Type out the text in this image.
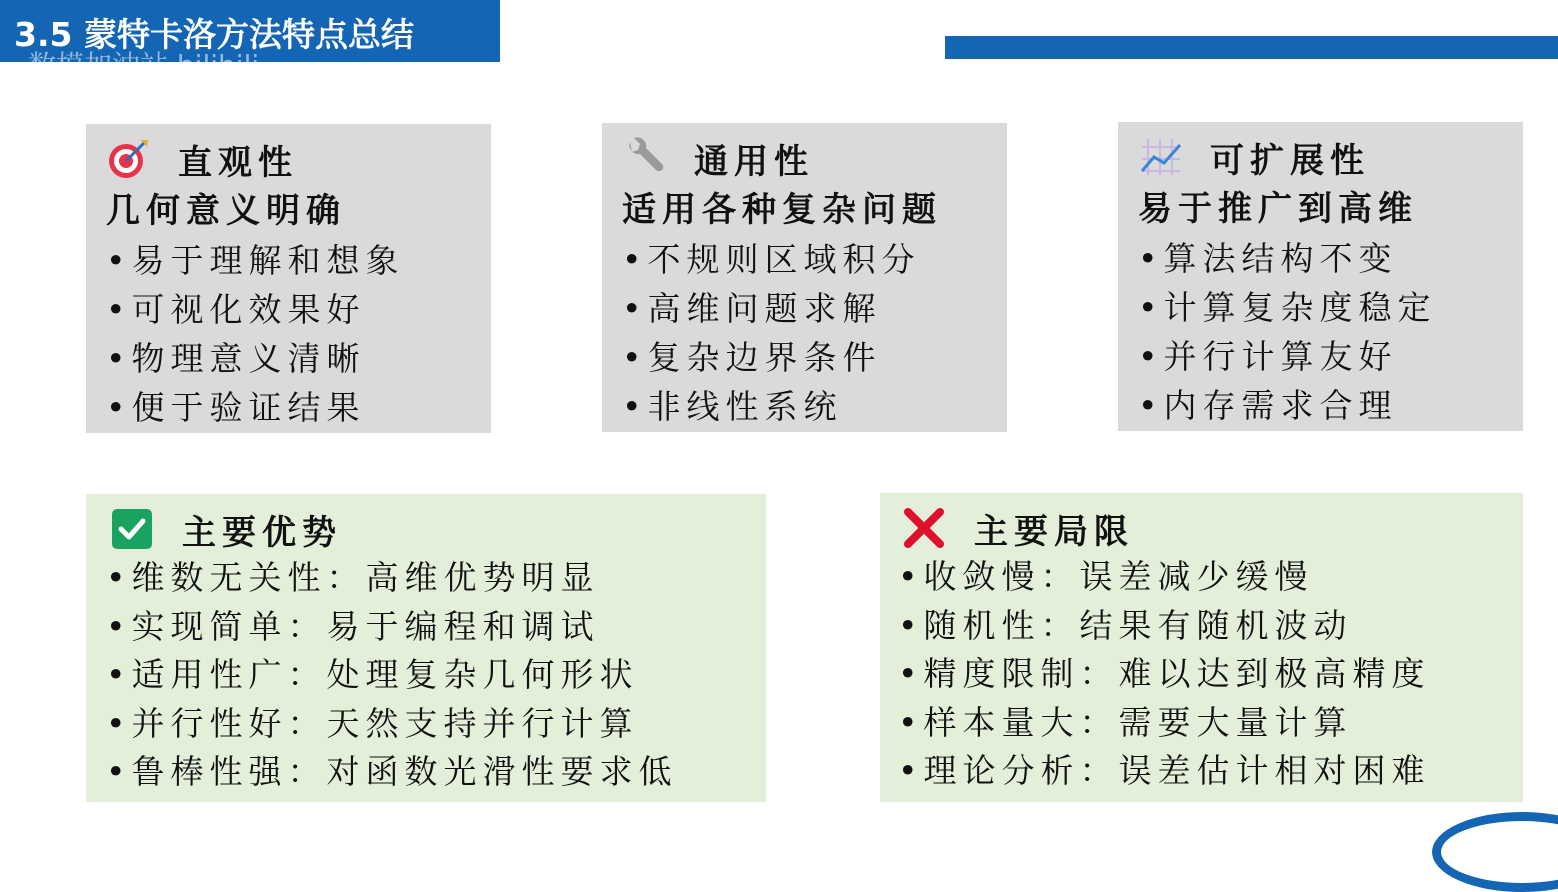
3.5 蒙特卡洛方法特点总结
数模加油站 bilibili
直观性
几何意义明确
•易于理解和想象
•可视化效果好
•物理意义清晰
•便于验证结果
通用性
适用各种复杂问题
•不规则区域积分
•高维问题求解
•复杂边界条件
•非线性系统
可扩展性
易于推广到高维
•算法结构不变
•计算复杂度稳定
•并行计算友好
•内存需求合理
主要优势
•维数无关性：高维优势明显
•实现简单：易于编程和调试
•适用性广：处理复杂几何形状
•并行性好：天然支持并行计算
•鲁棒性强：对函数光滑性要求低
主要局限
•收敛慢：误差减少缓慢
•随机性：结果有随机波动
•精度限制：难以达到极高精度
•样本量大：需要大量计算
•理论分析：误差估计相对困难
